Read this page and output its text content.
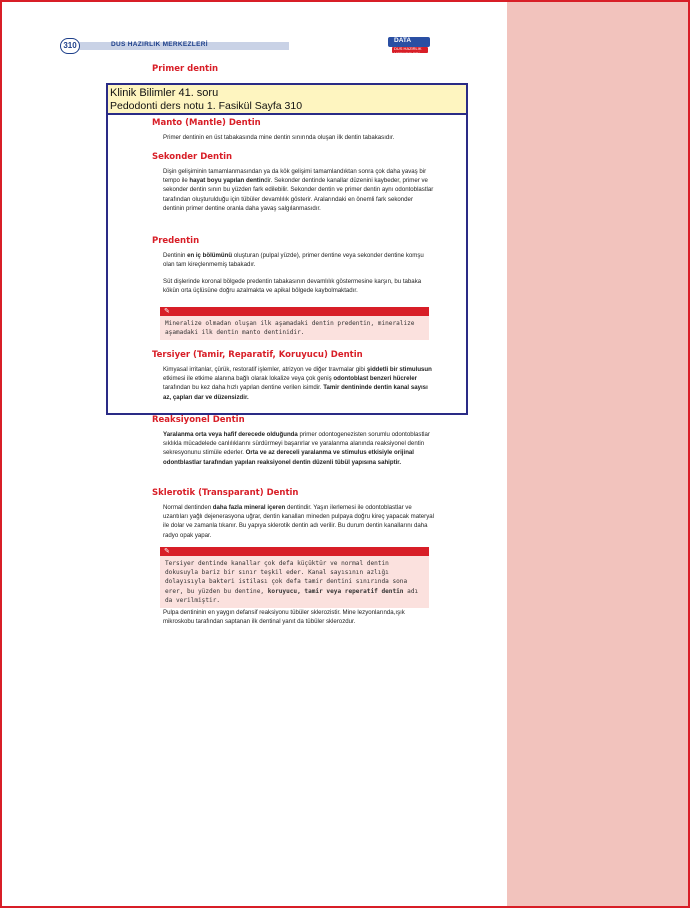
DUS HAZIRLIK MERKEZLERİ
310
DATA
DUS HAZIRLIK MERKEZLERİ
Primer dentin
Klinik Bilimler 41. soru
Pedodonti ders notu 1. Fasikül Sayfa 310
Manto (Mantle) Dentin
Primer dentinin en üst tabakasında mine dentin sınırında oluşan ilk dentin tabakasıdır.
Sekonder Dentin
Dişin gelişiminin tamamlanmasından ya da kök gelişimi tamamlandıktan sonra çok daha yavaş bir tempo ile hayat boyu yapılan dentindir. Sekonder dentinde kanallar düzenini kaybeder, primer ve sekonder dentin sınırı bu yüzden fark edilebilir. Sekonder dentin ve primer dentin aynı odontoblastlar tarafından oluşturulduğu için tübüler devamlılık gösterir. Aralarındaki en önemli fark sekonder dentinin primer dentine oranla daha yavaş salgılanmasıdır.
Predentin
Dentinin en iç bölümünü oluşturan (pulpal yüzde), primer dentine veya sekonder dentine komşu olan tam kireçlenmemiş tabakadır.
Süt dişlerinde koronal bölgede predentin tabakasının devamlılık göstermesine karşın, bu tabaka kökün orta üçlüsüne doğru azalmakta ve apikal bölgede kaybolmaktadır.
✎
Mineralize olmadan oluşan ilk aşamadaki dentin predentin, mineralize aşamadaki ilk dentin manto dentinidir.
Tersiyer (Tamir, Reparatif, Koruyucu) Dentin
Kimyasal irritanlar, çürük, restoratif işlemler, atrizyon ve diğer travmalar gibi şiddetli bir stimulusun etkimesi ile etkime alanına bağlı olarak lokalize veya çok geniş odontoblast benzeri hücreler tarafından bu kez daha hızlı yapılan dentine verilen isimdir. Tamir dentininde dentin kanal sayısı az, çapları dar ve düzensizdir.
Reaksiyonel Dentin
Yaralanma orta veya hafif derecede olduğunda primer odontogenezisten sorumlu odontoblastlar sıklıkla mücadelede canlılıklarını sürdürmeyi başarırlar ve yaralanma alanında reaksiyonel dentin sekresyonunu stimüle ederler. Orta ve az dereceli yaralanma ve stimulus etkisiyle orijinal odontblastlar tarafından yapılan reaksiyonel dentin düzenli tübül yapısına sahiptir.
Sklerotik (Transparant) Dentin
Normal dentinden daha fazla mineral içeren dentindir. Yaşın ilerlemesi ile odontoblastlar ve uzantıları yağlı dejenerasyona uğrar, dentin kanalları mineden pulpaya doğru kireç yapacak materyal ile dolar ve zamanla tıkanır. Bu yapıya sklerotik dentin adı verilir. Bu durum dentin kanallarını daha radyo opak yapar.
✎
Tersiyer dentinde kanallar çok defa küçüktür ve normal dentin dokusuyla bariz bir sınır teşkil eder. Kanal sayısının azlığı dolayısıyla bakteri istilası çok defa tamir dentini sınırında sona erer, bu yüzden bu dentine, koruyucu, tamir veya reperatif dentin adı da verilmiştir.
Pulpa dentininin en yaygın defansif reaksiyonu tübüler sklerozistir. Mine lezyonlarında,ışık mikroskobu tarafından saptanan ilk dentinal yanıt da tübüler sklerozdur.
